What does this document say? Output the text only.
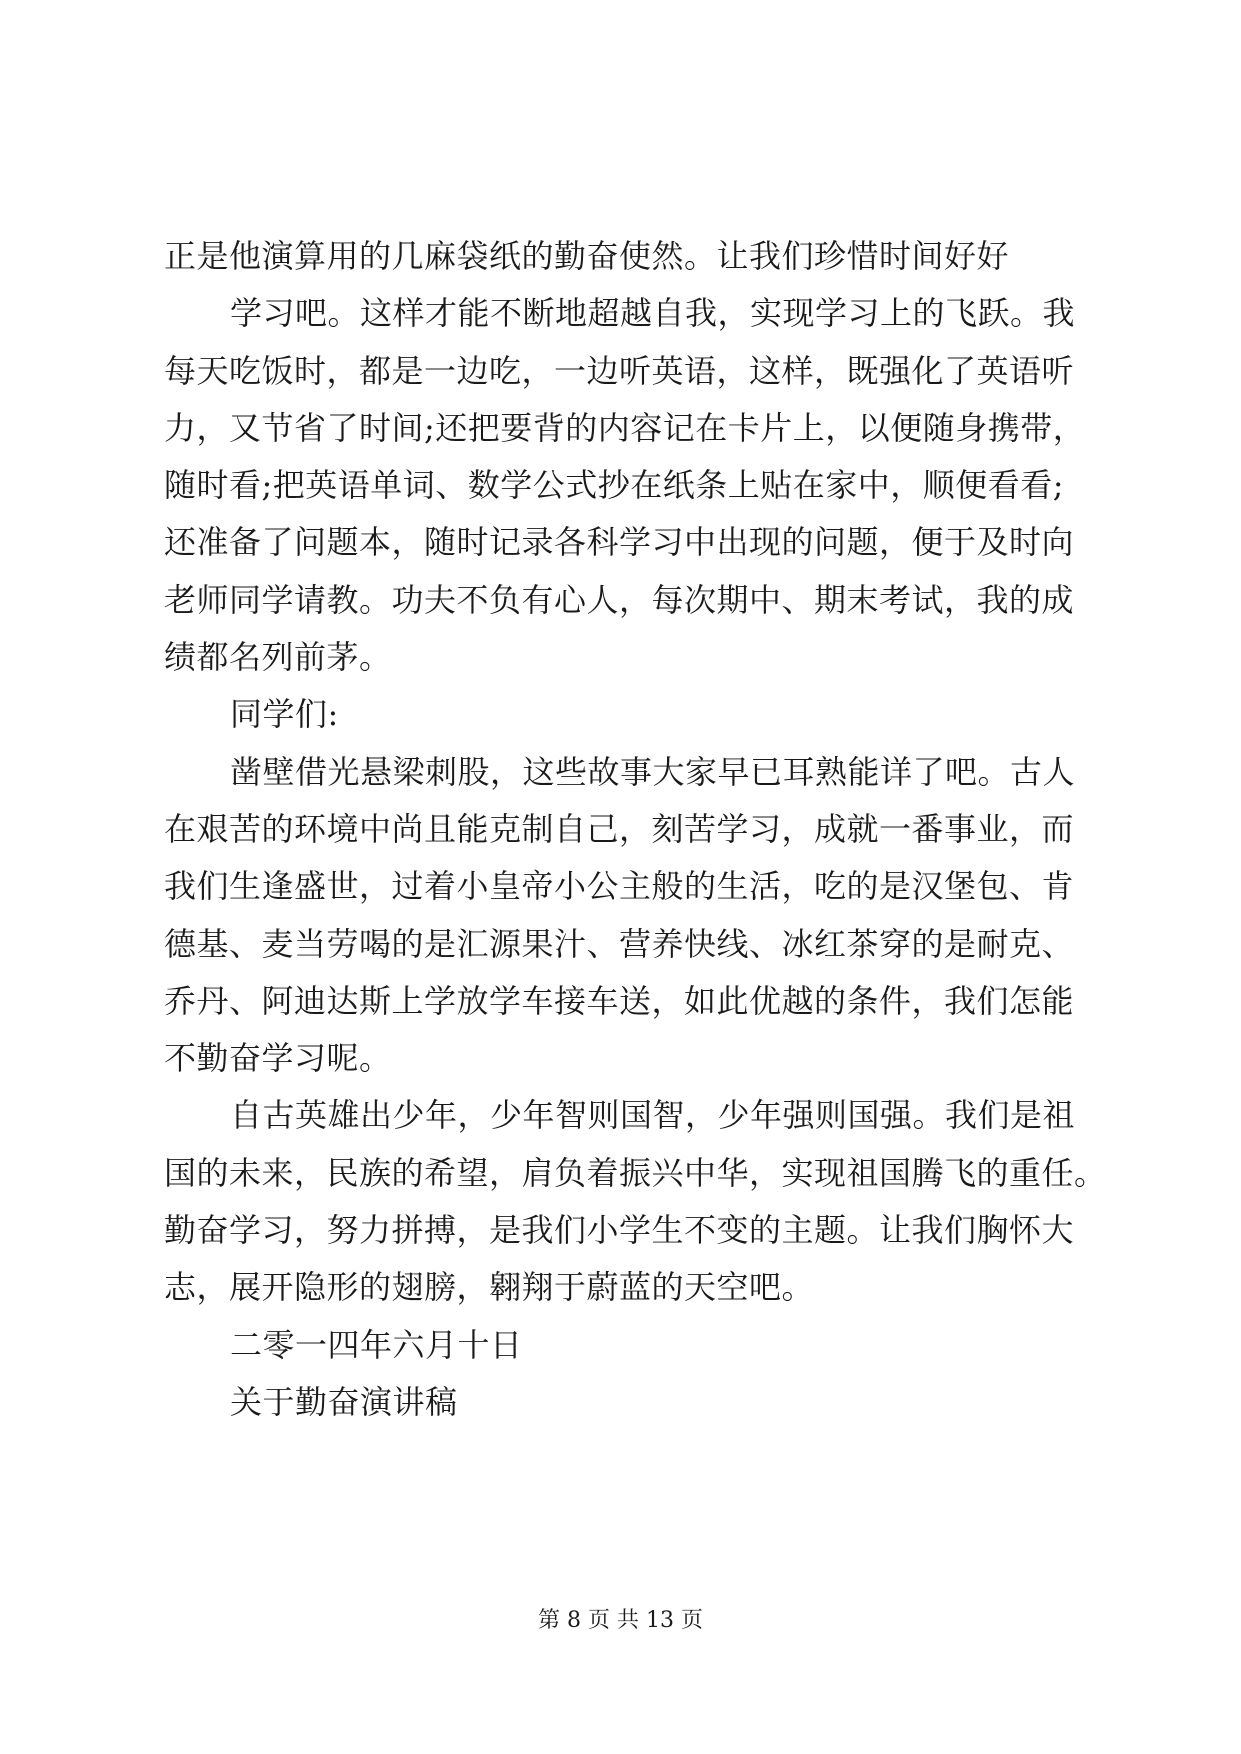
正是他演算用的几麻袋纸的勤奋使然。让我们珍惜时间好好
学习吧。这样才能不断地超越自我，实现学习上的飞跃。我
每天吃饭时，都是一边吃，一边听英语，这样，既强化了英语听
力，又节省了时间;还把要背的内容记在卡片上，以便随身携带，
随时看;把英语单词、数学公式抄在纸条上贴在家中，顺便看看;
还准备了问题本，随时记录各科学习中出现的问题，便于及时向
老师同学请教。功夫不负有心人，每次期中、期末考试，我的成
绩都名列前茅。
同学们:
凿壁借光悬梁刺股，这些故事大家早已耳熟能详了吧。古人
在艰苦的环境中尚且能克制自己，刻苦学习，成就一番事业，而
我们生逢盛世，过着小皇帝小公主般的生活，吃的是汉堡包、肯
德基、麦当劳喝的是汇源果汁、营养快线、冰红茶穿的是耐克、
乔丹、阿迪达斯上学放学车接车送，如此优越的条件，我们怎能
不勤奋学习呢。
自古英雄出少年，少年智则国智，少年强则国强。我们是祖
国的未来，民族的希望，肩负着振兴中华，实现祖国腾飞的重任。
勤奋学习，努力拼搏，是我们小学生不变的主题。让我们胸怀大
志，展开隐形的翅膀，翱翔于蔚蓝的天空吧。
二零一四年六月十日
关于勤奋演讲稿
第 8 页 共 13 页
